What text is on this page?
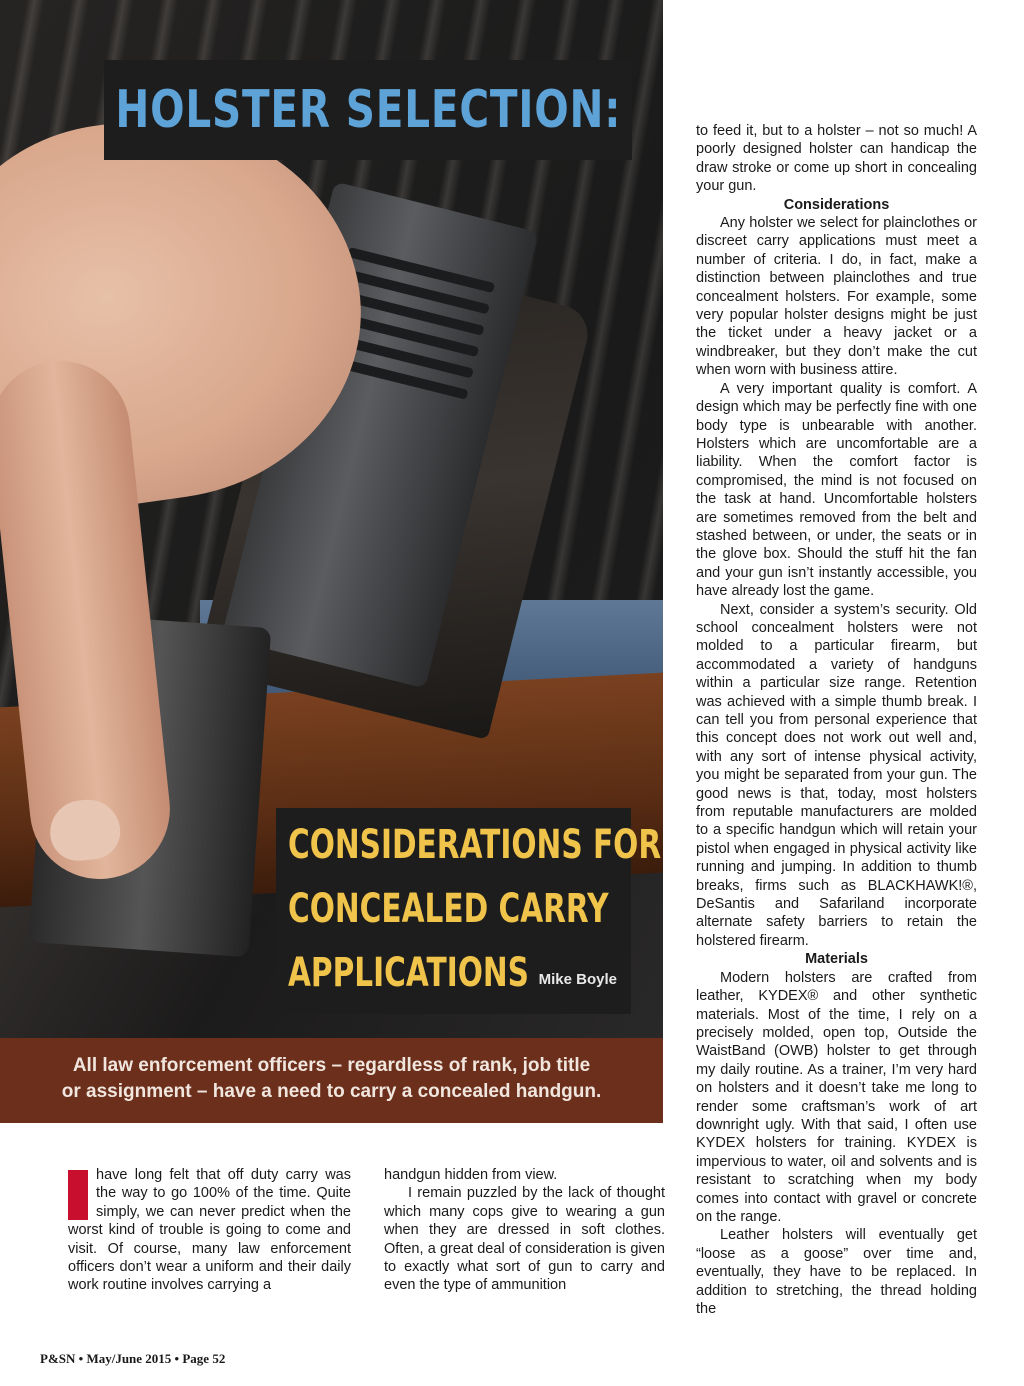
HOLSTER SELECTION:
CONSIDERATIONS FOR
CONCEALED CARRY
APPLICATIONS Mike Boyle
All law enforcement officers – regardless of rank, job title
or assignment – have a need to carry a concealed handgun.

to feed it, but to a holster – not so much! A poorly designed holster can handicap the draw stroke or come up short in concealing your gun.

Considerations

Any holster we select for plainclothes or discreet carry applications must meet a number of criteria. I do, in fact, make a distinction between plainclothes and true concealment holsters. For example, some very popular holster designs might be just the ticket under a heavy jacket or a windbreaker, but they don’t make the cut when worn with business attire.

A very important quality is comfort. A design which may be perfectly fine with one body type is unbearable with another. Holsters which are uncomfortable are a liability. When the comfort factor is compromised, the mind is not focused on the task at hand. Uncomfortable holsters are sometimes removed from the belt and stashed between, or under, the seats or in the glove box. Should the stuff hit the fan and your gun isn’t instantly accessible, you have already lost the game.

Next, consider a system’s security. Old school concealment holsters were not molded to a particular firearm, but accommodated a variety of handguns within a particular size range. Retention was achieved with a simple thumb break. I can tell you from personal experience that this concept does not work out well and, with any sort of intense physical activity, you might be separated from your gun. The good news is that, today, most holsters from reputable manufacturers are molded to a specific handgun which will retain your pistol when engaged in physical activity like running and jumping. In addition to thumb breaks, firms such as BLACKHAWK!®, DeSantis and Safariland incorporate alternate safety barriers to retain the holstered firearm.

Materials

Modern holsters are crafted from leather, KYDEX® and other synthetic materials. Most of the time, I rely on a precisely molded, open top, Outside the WaistBand (OWB) holster to get through my daily routine. As a trainer, I’m very hard on holsters and it doesn’t take me long to render some craftsman’s work of art downright ugly. With that said, I often use KYDEX holsters for training. KYDEX is impervious to water, oil and solvents and is resistant to scratching when my body comes into contact with gravel or concrete on the range.

Leather holsters will eventually get “loose as a goose” over time and, eventually, they have to be replaced. In addition to stretching, the thread holding the

have long felt that off duty carry was the way to go 100% of the time. Quite simply, we can never predict when the worst kind of trouble is going to come and visit. Of course, many law enforcement officers don’t wear a uniform and their daily work routine involves carrying a

handgun hidden from view.

I remain puzzled by the lack of thought which many cops give to wearing a gun when they are dressed in soft clothes. Often, a great deal of consideration is given to exactly what sort of gun to carry and even the type of ammunition

P&SN • May/June 2015 • Page 52
